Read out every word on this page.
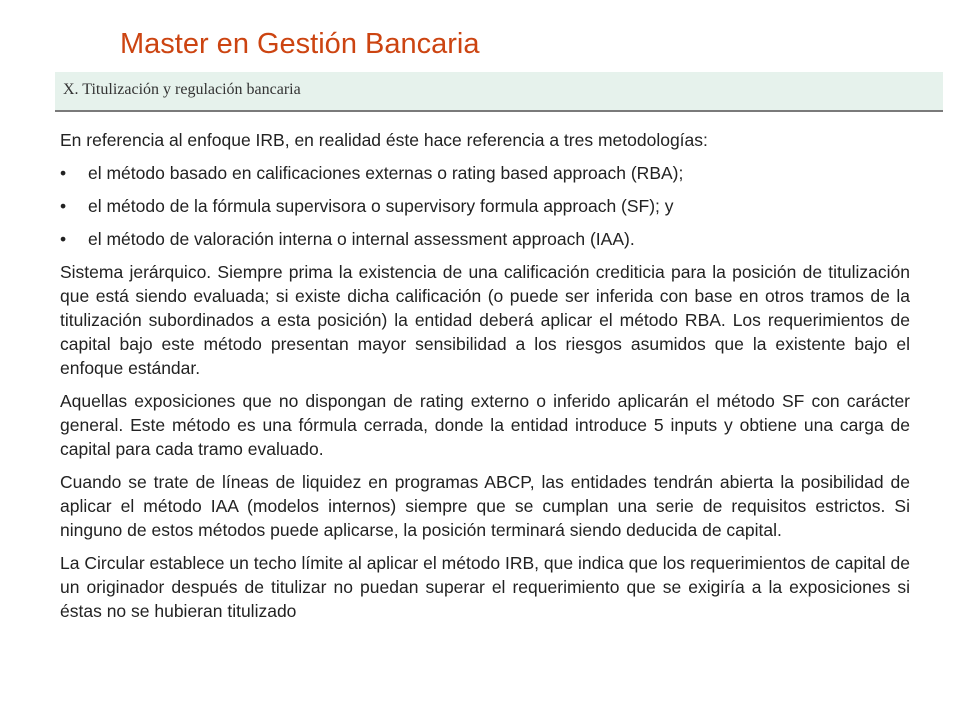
Master en Gestión Bancaria
X. Titulización y regulación bancaria

En referencia al enfoque IRB, en realidad éste hace referencia a tres metodologías:

•	el método basado en calificaciones externas o rating based approach (RBA);
•	el método de la fórmula supervisora o supervisory formula approach (SF); y
•	el método de valoración interna o internal assessment approach (IAA).

Sistema jerárquico. Siempre prima la existencia de una calificación crediticia para la posición de titulización que está siendo evaluada; si existe dicha calificación (o puede ser inferida con base en otros tramos de la titulización subordinados a esta posición) la entidad deberá aplicar el método RBA. Los requerimientos de capital bajo este método presentan mayor sensibilidad a los riesgos asumidos que la existente bajo el enfoque estándar.

Aquellas exposiciones que no dispongan de rating externo o inferido aplicarán el método SF con carácter general. Este método es una fórmula cerrada, donde la entidad introduce 5 inputs y obtiene una carga de capital para cada tramo evaluado.

Cuando se trate de líneas de liquidez en programas ABCP, las entidades tendrán abierta la posibilidad de aplicar el método IAA (modelos internos) siempre que se cumplan una serie de requisitos estrictos. Si ninguno de estos métodos puede aplicarse, la posición terminará siendo deducida de capital.

La Circular establece un techo límite al aplicar el método IRB, que indica que los requerimientos de capital de un originador después de titulizar no puedan superar el requerimiento que se exigiría a la exposiciones si éstas no se hubieran titulizado
